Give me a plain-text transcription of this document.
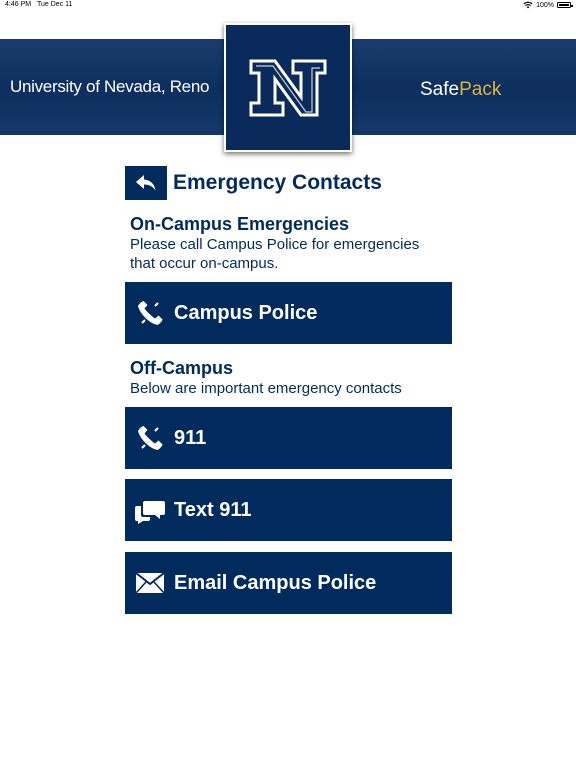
4:46 PM Tue Dec 11	100%
University of Nevada, Reno	SafePack
Emergency Contacts
On-Campus Emergencies
Please call Campus Police for emergencies
that occur on-campus.
Campus Police
Off-Campus
Below are important emergency contacts
911
Text 911
Email Campus Police
